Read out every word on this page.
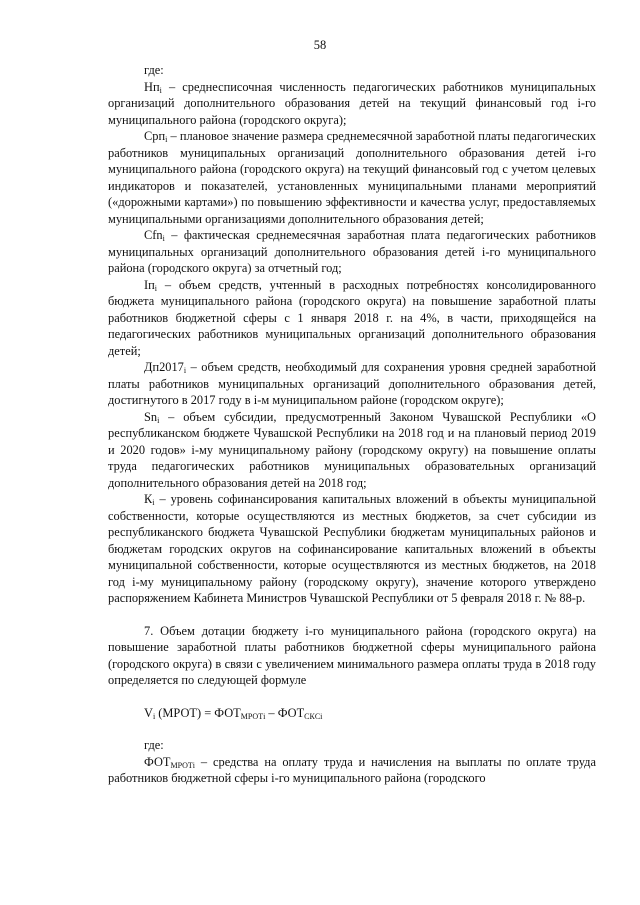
58

где:

$Нп_i$ – среднесписочная численность педагогических работников муниципальных организаций дополнительного образования детей на текущий финансовый год i-го муниципального района (городского округа);

Срп$_i$ – плановое значение размера среднемесячной заработной платы педагогических работников муниципальных организаций дополнительного образования детей i-го муниципального района (городского округа) на текущий финансовый год с учетом целевых индикаторов и показателей, установленных муниципальными планами мероприятий («дорожными картами») по повышению эффективности и качества услуг, предоставляемых муниципальными организациями дополнительного образования детей;

Cfn$_i$ – фактическая среднемесячная заработная плата педагогических работников муниципальных организаций дополнительного образования детей i-го муниципального района (городского округа) за отчетный год;

$Iп_i$ – объем средств, учтенный в расходных потребностях консолидированного бюджета муниципального района (городского округа) на повышение заработной платы работников бюджетной сферы с 1 января 2018 г. на 4%, в части, приходящейся на педагогических работников муниципальных организаций дополнительного образования детей;

$Дп2017_i$ – объем средств, необходимый для сохранения уровня средней заработной платы работников муниципальных организаций дополнительного образования детей, достигнутого в 2017 году в i-м муниципальном районе (городском округе);

$Sn_i$ – объем субсидии, предусмотренный Законом Чувашской Республики «О республиканском бюджете Чувашской Республики на 2018 год и на плановый период 2019 и 2020 годов» i-му муниципальному району (городскому округу) на повышение оплаты труда педагогических работников муниципальных образовательных организаций дополнительного образования детей на 2018 год;

$К_i$ – уровень софинансирования капитальных вложений в объекты муниципальной собственности, которые осуществляются из местных бюджетов, за счет субсидии из республиканского бюджета Чувашской Республики бюджетам муниципальных районов и бюджетам городских округов на софинансирование капитальных вложений в объекты муниципальной собственности, которые осуществляются из местных бюджетов, на 2018 год i-му муниципальному району (городскому округу), значение которого утверждено распоряжением Кабинета Министров Чувашской Республики от 5 февраля 2018 г. № 88-р.

7. Объем дотации бюджету i-го муниципального района (городского округа) на повышение заработной платы работников бюджетной сферы муниципального района (городского округа) в связи с увеличением минимального размера оплаты труда в 2018 году определяется по следующей формуле

$V_i$ (МРОТ) = $ФОТ_{МРОТi} - ФОТ_{СКCi}$

где:

$ФОТ_{МРОТi}$ – средства на оплату труда и начисления на выплаты по оплате труда работников бюджетной сферы i-го муниципального района (городского
